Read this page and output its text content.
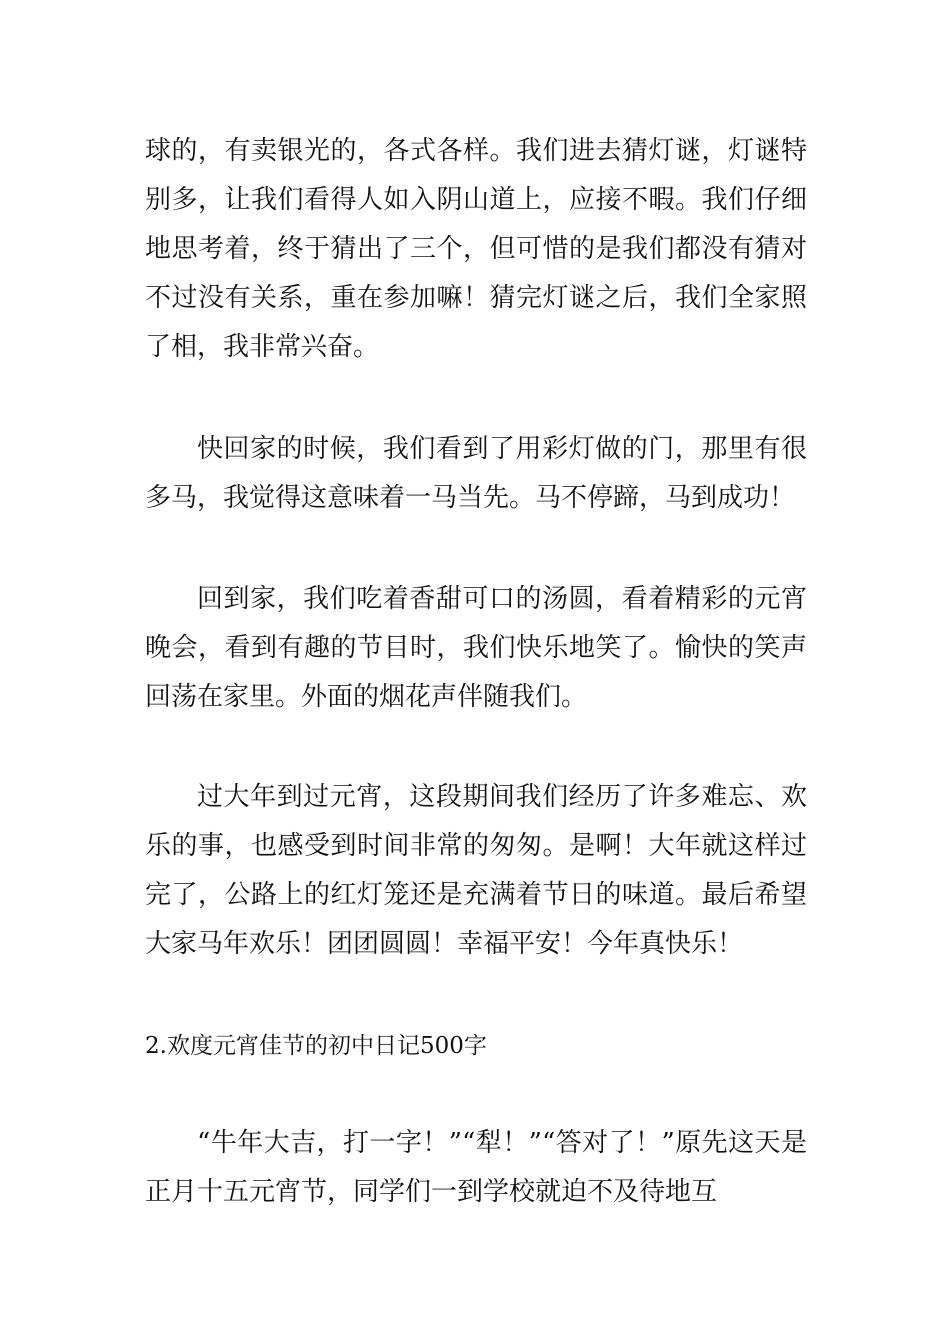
球的，有卖银光的，各式各样。我们进去猜灯谜，灯谜特别多，让我们看得人如入阴山道上，应接不暇。我们仔细地思考着，终于猜出了三个，但可惜的是我们都没有猜对不过没有关系，重在参加嘛！猜完灯谜之后，我们全家照了相，我非常兴奋。

快回家的时候，我们看到了用彩灯做的门，那里有很多马，我觉得这意味着一马当先。马不停蹄，马到成功！

回到家，我们吃着香甜可口的汤圆，看着精彩的元宵晚会，看到有趣的节目时，我们快乐地笑了。愉快的笑声回荡在家里。外面的烟花声伴随我们。

过大年到过元宵，这段期间我们经历了许多难忘、欢乐的事，也感受到时间非常的匆匆。是啊！大年就这样过完了，公路上的红灯笼还是充满着节日的味道。最后希望大家马年欢乐！团团圆圆！幸福平安！今年真快乐！

2.欢度元宵佳节的初中日记500字

“牛年大吉，打一字！”“犁！”“答对了！”原先这天是正月十五元宵节，同学们一到学校就迫不及待地互
